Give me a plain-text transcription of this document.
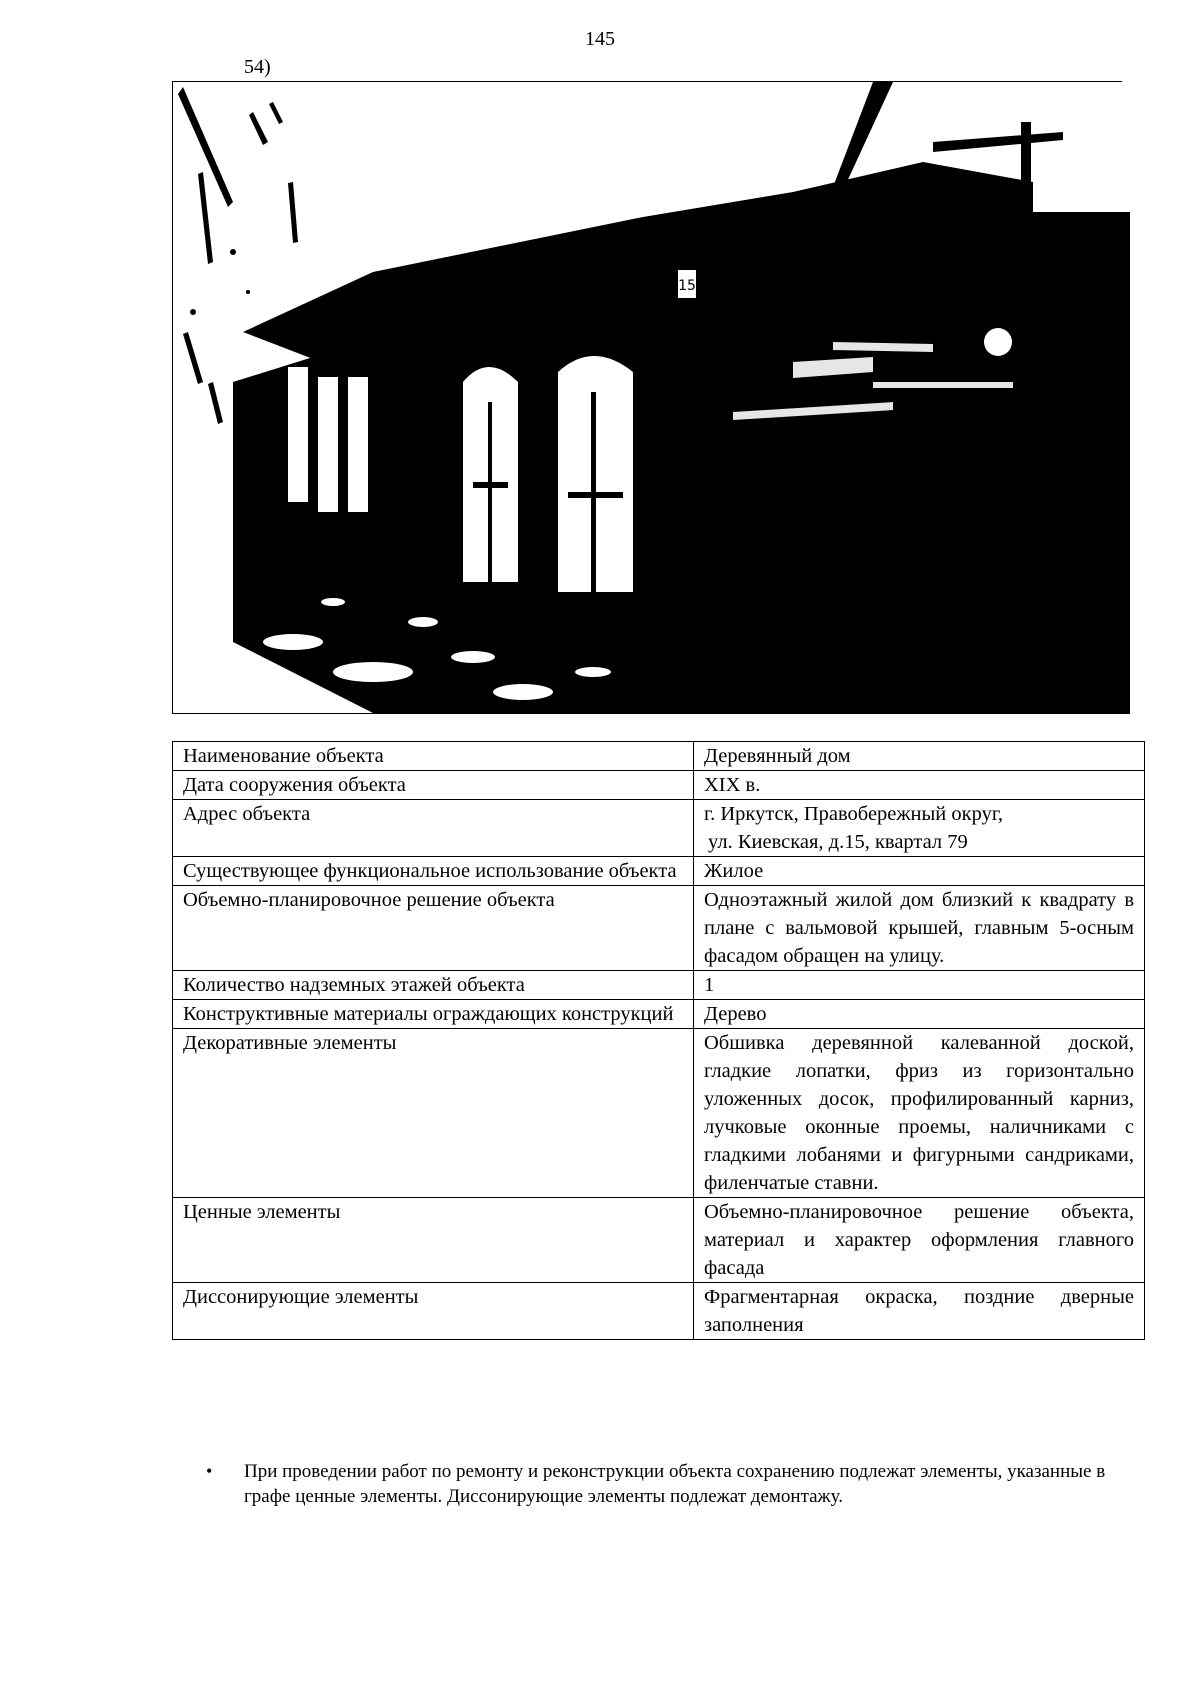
145
54)
15
Наименование объекта	Деревянный дом
Дата сооружения объекта	XIX в.
Адрес объекта	г. Иркутск, Правобережный округ,
ул. Киевская, д.15, квартал 79

Существующее функциональное использование объекта	Жилое
Объемно-планировочное решение объекта	Одноэтажный жилой дом близкий к квадрату в плане с вальмовой крышей, главным 5-осным фасадом обращен на улицу.
Количество надземных этажей объекта	1
Конструктивные материалы ограждающих конструкций	Дерево
Декоративные элементы	Обшивка деревянной калеванной доской, гладкие лопатки, фриз из горизонтально уложенных досок, профилированный карниз, лучковые оконные проемы, наличниками с гладкими лобанями и фигурными сандриками, филенчатые ставни.
Ценные элементы	Объемно-планировочное решение объекта, материал и характер оформления главного фасада
Диссонирующие элементы	Фрагментарная окраска, поздние дверные заполнения
• При проведении работ по ремонту и реконструкции объекта сохранению подлежат элементы, указанные в графе ценные элементы. Диссонирующие элементы подлежат демонтажу.
